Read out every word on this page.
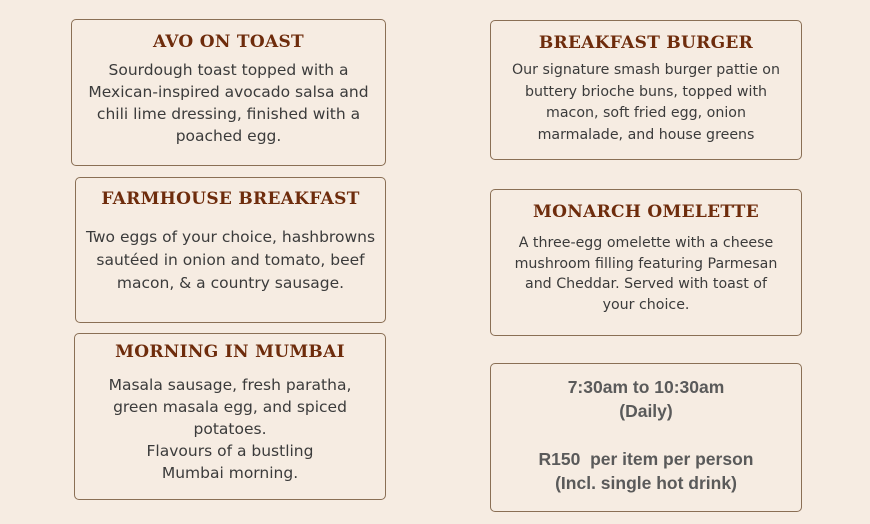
AVO ON TOAST
Sourdough toast topped with a Mexican-inspired avocado salsa and chili lime dressing, finished with a poached egg.
FARMHOUSE BREAKFAST
Two eggs of your choice, hashbrowns sautéed in onion and tomato, beef macon, & a country sausage.
MORNING IN MUMBAI
Masala sausage, fresh paratha, green masala egg, and spiced potatoes.
Flavours of a bustling
Mumbai morning.
BREAKFAST BURGER
Our signature smash burger pattie on buttery brioche buns, topped with macon, soft fried egg, onion marmalade, and house greens
MONARCH OMELETTE
A three-egg omelette with a cheese mushroom filling featuring Parmesan and Cheddar. Served with toast of your choice.
7:30am to 10:30am
(Daily)
R150  per item per person
(Incl. single hot drink)
